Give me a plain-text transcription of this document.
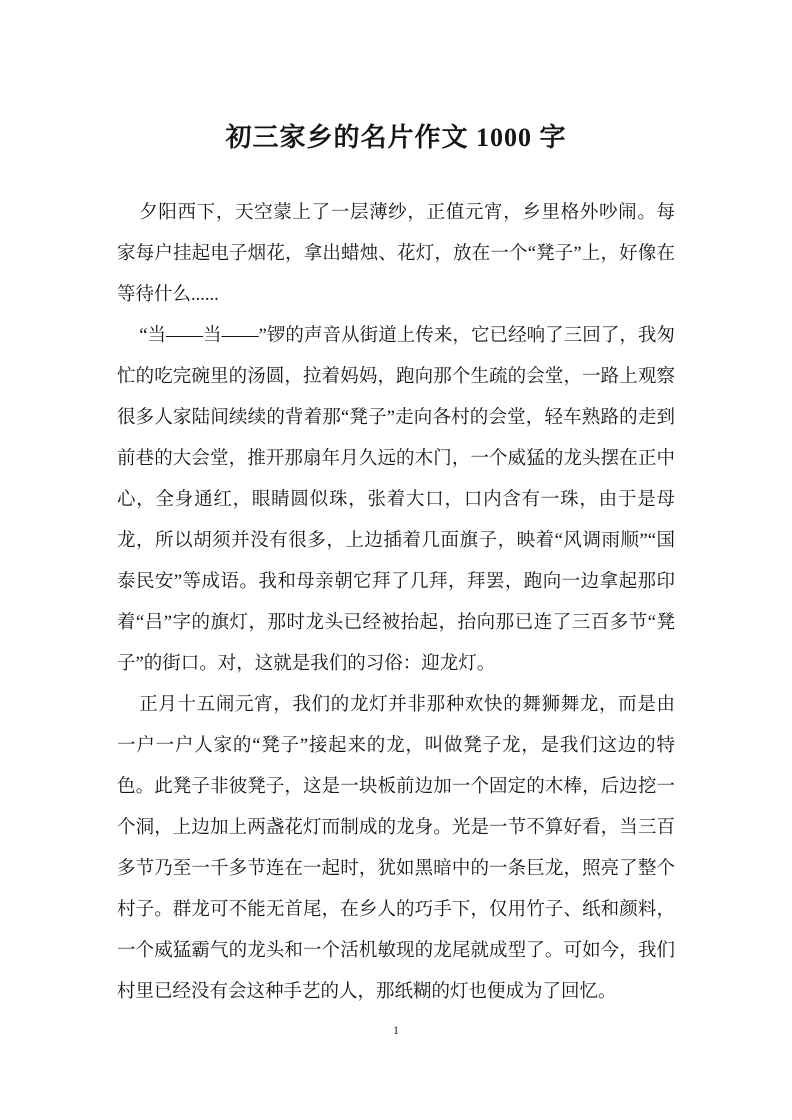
初三家乡的名片作文 1000 字

夕阳西下，天空蒙上了一层薄纱，正值元宵，乡里格外吵闹。每家每户挂起电子烟花，拿出蜡烛、花灯，放在一个“凳子”上，好像在等待什么......

“当——当——”锣的声音从街道上传来，它已经响了三回了，我匆忙的吃完碗里的汤圆，拉着妈妈，跑向那个生疏的会堂，一路上观察很多人家陆间续续的背着那“凳子”走向各村的会堂，轻车熟路的走到前巷的大会堂，推开那扇年月久远的木门，一个威猛的龙头摆在正中心，全身通红，眼睛圆似珠，张着大口，口内含有一珠，由于是母龙，所以胡须并没有很多，上边插着几面旗子，映着“风调雨顺”“国泰民安”等成语。我和母亲朝它拜了几拜，拜罢，跑向一边拿起那印着“吕”字的旗灯，那时龙头已经被抬起，抬向那已连了三百多节“凳子”的街口。对，这就是我们的习俗：迎龙灯。

正月十五闹元宵，我们的龙灯并非那种欢快的舞狮舞龙，而是由一户一户人家的“凳子”接起来的龙，叫做凳子龙，是我们这边的特色。此凳子非彼凳子，这是一块板前边加一个固定的木棒，后边挖一个洞，上边加上两盏花灯而制成的龙身。光是一节不算好看，当三百多节乃至一千多节连在一起时，犹如黑暗中的一条巨龙，照亮了整个村子。群龙可不能无首尾，在乡人的巧手下，仅用竹子、纸和颜料，一个威猛霸气的龙头和一个活机敏现的龙尾就成型了。可如今，我们村里已经没有会这种手艺的人，那纸糊的灯也便成为了回忆。

1
